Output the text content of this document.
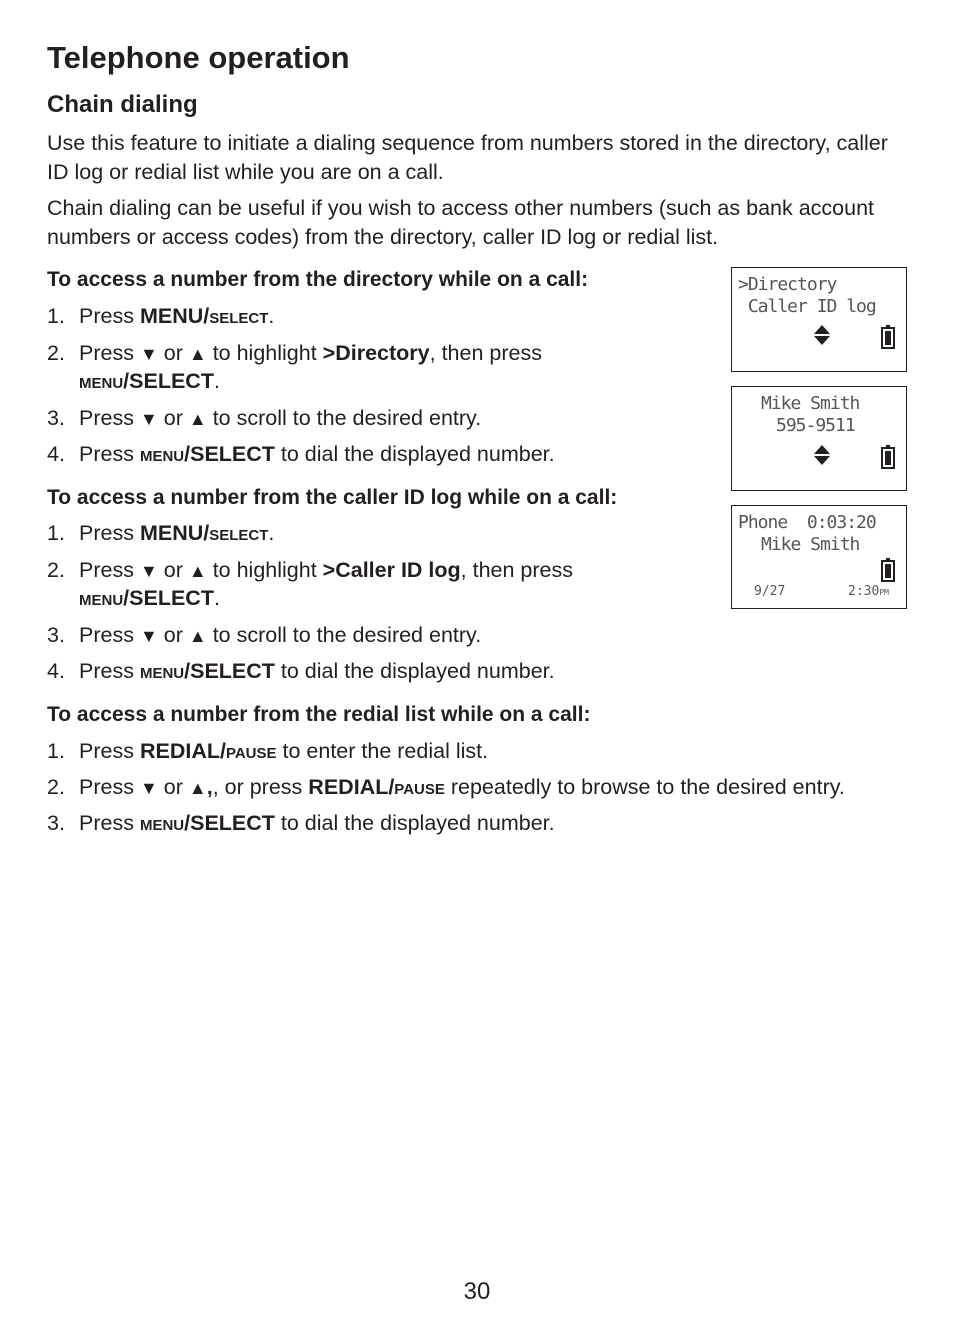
Telephone operation
Chain dialing

Use this feature to initiate a dialing sequence from numbers stored in the directory, caller ID log or redial list while you are on a call.

Chain dialing can be useful if you wish to access other numbers (such as bank account numbers or access codes) from the directory, caller ID log or redial list.

To access a number from the directory while on a call:

1. Press MENU/SELECT.
2. Press ▼ or ▲ to highlight >Directory, then press
MENU/SELECT.
3. Press ▼ or ▲ to scroll to the desired entry.
4. Press MENU/SELECT to dial the displayed number.

To access a number from the caller ID log while on a call:

1. Press MENU/SELECT.
2. Press ▼ or ▲ to highlight >Caller ID log, then press
MENU/SELECT.
3. Press ▼ or ▲ to scroll to the desired entry.
4. Press MENU/SELECT to dial the displayed number.

To access a number from the redial list while on a call:

1. Press REDIAL/PAUSE to enter the redial list.
2. Press ▼ or ▲,, or press REDIAL/PAUSE repeatedly to browse to the desired entry.
3. Press MENU/SELECT to dial the displayed number.
>Directory
Caller ID log
Mike Smith
595-9511
Phone  0:03:20
Mike Smith
9/27	2:30PM
30
